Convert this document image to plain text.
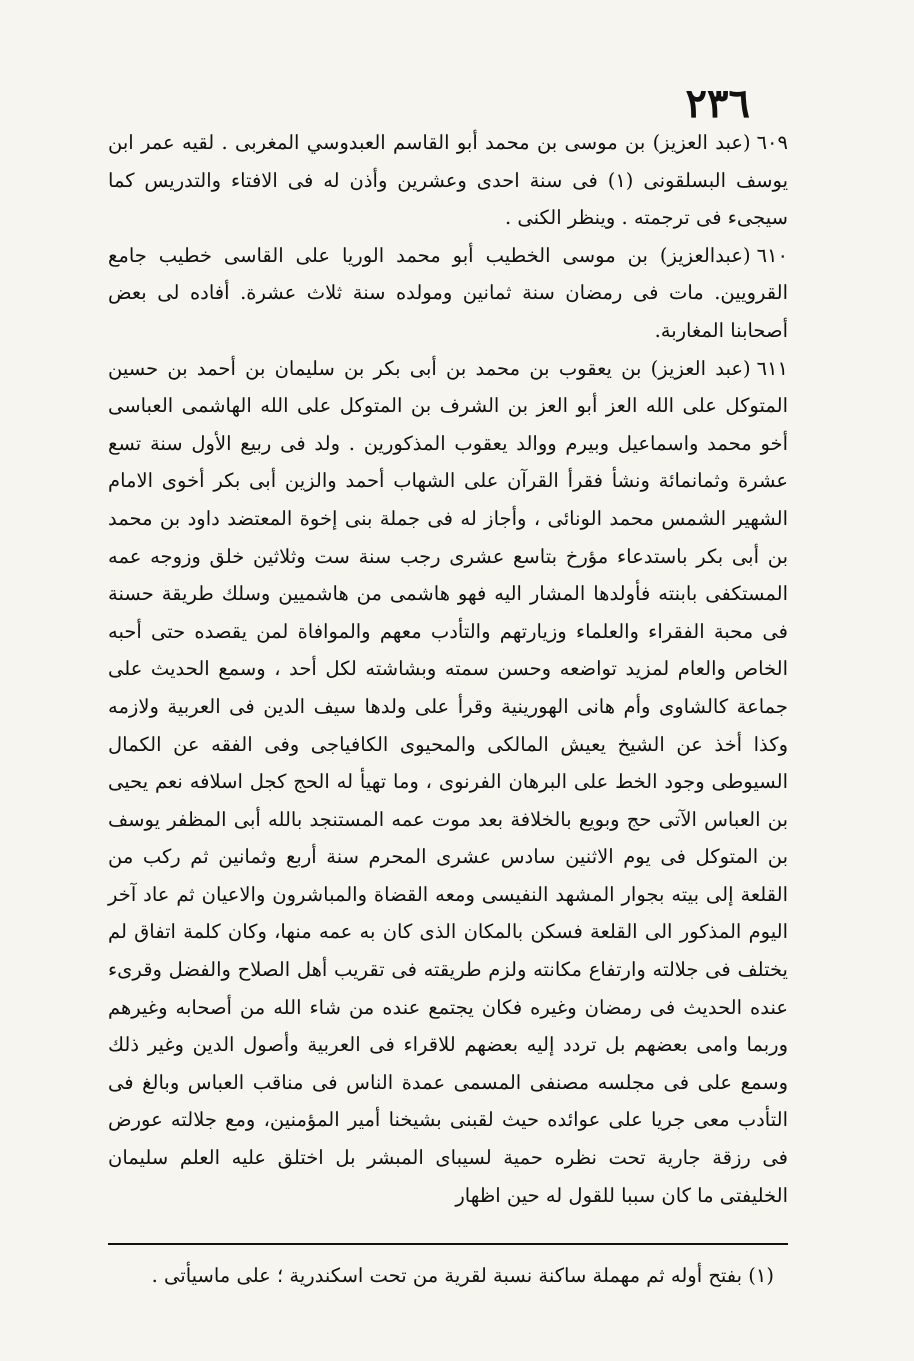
٢٣٦

٦٠٩(عبد العزيز) بن موسى بن محمد أبو القاسم العبدوسي المغربى . لقيه عمر ابن يوسف البسلقونى (١) فى سنة احدى وعشرين وأذن له فى الافتاء والتدريس كما سيجىء فى ترجمته . وينظر الكنى .

٦١٠(عبدالعزيز) بن موسى الخطيب أبو محمد الوريا على القاسى خطيب جامع القرويين. مات فى رمضان سنة ثمانين ومولده سنة ثلاث عشرة. أفاده لى بعض أصحابنا المغاربة.

٦١١(عبد العزيز) بن يعقوب بن محمد بن أبى بكر بن سليمان بن أحمد بن حسين المتوكل على الله العز أبو العز بن الشرف بن المتوكل على الله الهاشمى العباسى أخو محمد واسماعيل وبيرم ووالد يعقوب المذكورين . ولد فى ربيع الأول سنة تسع عشرة وثمانمائة ونشأ فقرأ القرآن على الشهاب أحمد والزين أبى بكر أخوى الامام الشهير الشمس محمد الونائى ، وأجاز له فى جملة بنى إخوة المعتضد داود بن محمد بن أبى بكر باستدعاء مؤرخ بتاسع عشرى رجب سنة ست وثلاثين خلق وزوجه عمه المستكفى بابنته فأولدها المشار اليه فهو هاشمى من هاشميين وسلك طريقة حسنة فى محبة الفقراء والعلماء وزيارتهم والتأدب معهم والموافاة لمن يقصده حتى أحبه الخاص والعام لمزيد تواضعه وحسن سمته وبشاشته لكل أحد ، وسمع الحديث على جماعة كالشاوى وأم هانى الهورينية وقرأ على ولدها سيف الدين فى العربية ولازمه وكذا أخذ عن الشيخ يعيش المالكى والمحيوى الكافياجى وفى الفقه عن الكمال السيوطى وجود الخط على البرهان الفرنوى ، وما تهيأ له الحج كجل اسلافه نعم يحيى بن العباس الآتى حج وبويع بالخلافة بعد موت عمه المستنجد بالله أبى المظفر يوسف بن المتوكل فى يوم الاثنين سادس عشرى المحرم سنة أربع وثمانين ثم ركب من القلعة إلى بيته بجوار المشهد النفيسى ومعه القضاة والمباشرون والاعيان ثم عاد آخر اليوم المذكور الى القلعة فسكن بالمكان الذى كان به عمه منها، وكان كلمة اتفاق لم يختلف فى جلالته وارتفاع مكانته ولزم طريقته فى تقريب أهل الصلاح والفضل وقرىء عنده الحديث فى رمضان وغيره فكان يجتمع عنده من شاء الله من أصحابه وغيرهم وربما وامى بعضهم بل تردد إليه بعضهم للاقراء فى العربية وأصول الدين وغير ذلك وسمع على فى مجلسه مصنفى المسمى عمدة الناس فى مناقب العباس وبالغ فى التأدب معى جريا على عوائده حيث لقبنى بشيخنا أمير المؤمنين، ومع جلالته عورض فى رزقة جارية تحت نظره حمية لسيباى المبشر بل اختلق عليه العلم سليمان الخليفتى ما كان سببا للقول له حين اظهار

(١) بفتح أوله ثم مهملة ساكنة نسبة لقرية من تحت اسكندرية ؛ على ماسيأتى .
